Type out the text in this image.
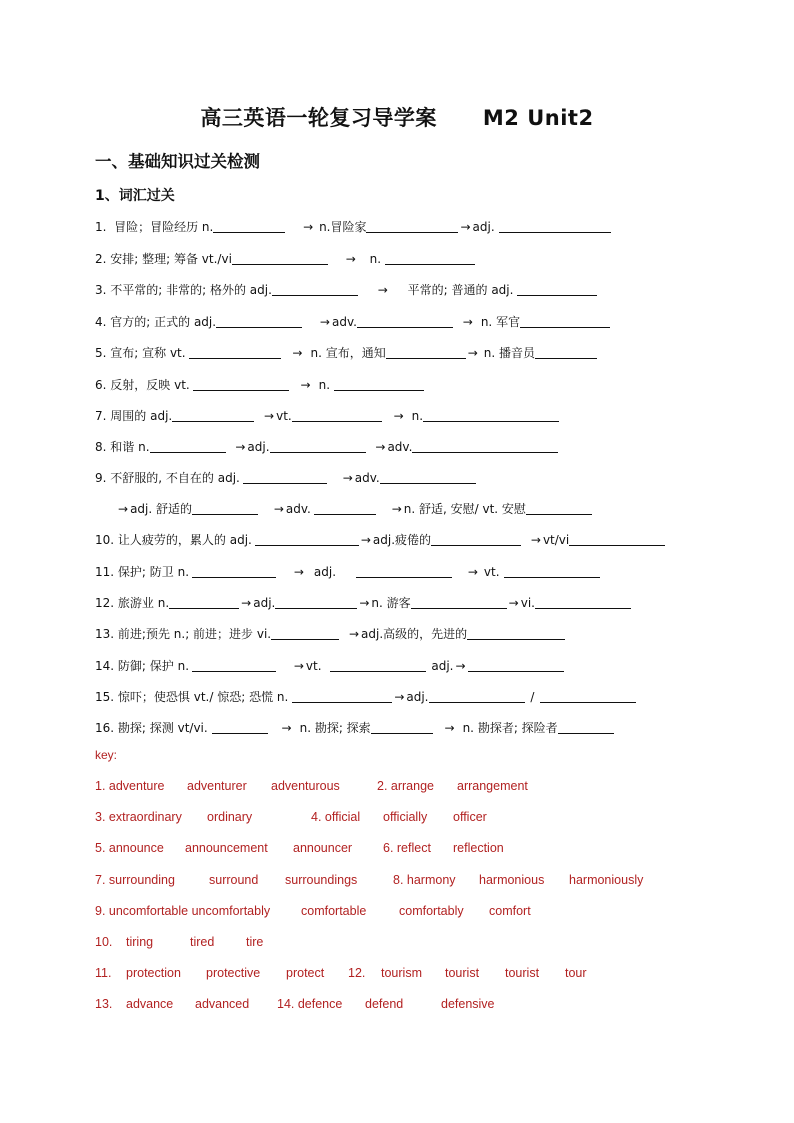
高三英语一轮复习导学案 M2 Unit2
一、基础知识过关检测
1、词汇过关
1. 冒险；冒险经历 n.	→ n.冒险家	→ adj.
2. 安排; 整理; 筹备 vt./vi	→ n.
3. 不平常的; 非常的; 格外的 adj.	→ 平常的; 普通的 adj.
4. 官方的; 正式的 adj.	→ adv.	→ n. 军官
5. 宣布; 宣称 vt.	→ n. 宣布，通知	→ n. 播音员
6. 反射，反映 vt.	→ n.
7. 周围的 adj.	→ vt.	→ n.
8. 和谐 n.	→ adj.	→ adv.
9. 不舒服的, 不自在的 adj.	→ adv.
→ adj. 舒适的	→ adv.	→ n. 舒适, 安慰/ vt. 安慰
10. 让人疲劳的，累人的 adj.	→ adj.疲倦的	→ vt/vi
11. 保护; 防卫 n.	→ adj.	→ vt.
12. 旅游业 n.	→ adj.	→ n. 游客	→ vi.
13. 前进;预先 n.; 前进；进步 vi.	→ adj.高级的，先进的
14. 防御; 保护 n.	→ vt.	adj. →
15. 惊吓；使恐惧 vt./ 惊恐; 恐慌 n.	→ adj.	/
16. 勘探; 探测 vt/vi.	→ n. 勘探; 探索	→ n. 勘探者; 探险者
key:
1. adventure adventurer adventurous	2. arrange arrangement
3. extraordinary ordinary	4. official officially officer
5. announce announcement announcer 6. reflect reflection
7. surrounding	surround surroundings	8. harmony harmonious harmoniously
9. uncomfortable uncomfortably comfortable	comfortably comfort
10. tiring	tired	tire
11. protection protective protect 12. tourism tourist tourist tour
13. advance advanced 14. defence defend	defensive
